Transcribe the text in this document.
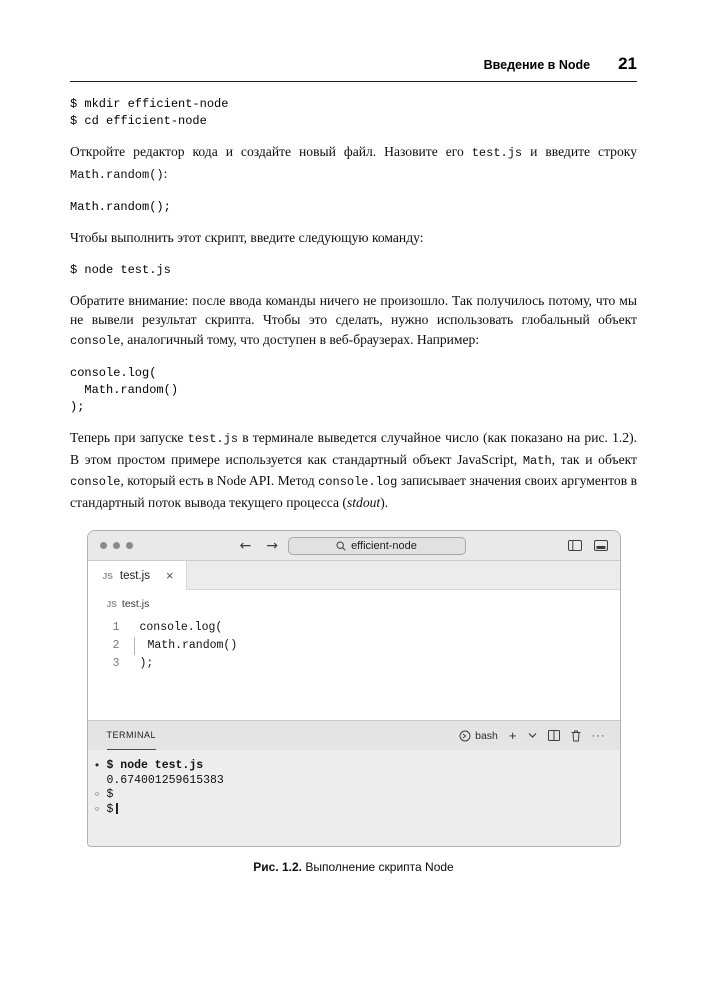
Введение в Node 21
$ mkdir efficient-node
$ cd efficient-node

Откройте редактор кода и создайте новый файл. Назовите его test.js и введите строку Math.random():

Math.random();

Чтобы выполнить этот скрипт, введите следующую команду:

$ node test.js

Обратите внимание: после ввода команды ничего не произошло. Так получилось потому, что мы не вывели результат скрипта. Чтобы это сделать, нужно использовать глобальный объект console, аналогичный тому, что доступен в веб-браузерах. Например:

console.log(
Math.random()
);

Теперь при запуске test.js в терминале выведется случайное число (как показано на рис. 1.2). В этом простом примере используется как стандартный объект JavaScript, Math, так и объект console, который есть в Node API. Метод console.log записывает значения своих аргументов в стандартный поток вывода текущего процесса (stdout).

← →	efficient-node
JS test.js ×
JS test.js
1	console.log(
2	Math.random()
3	);
TERMINAL	bash +	···
● $ node test.js
0.674001259615383
○ $
○ $
Рис. 1.2. Выполнение скрипта Node
